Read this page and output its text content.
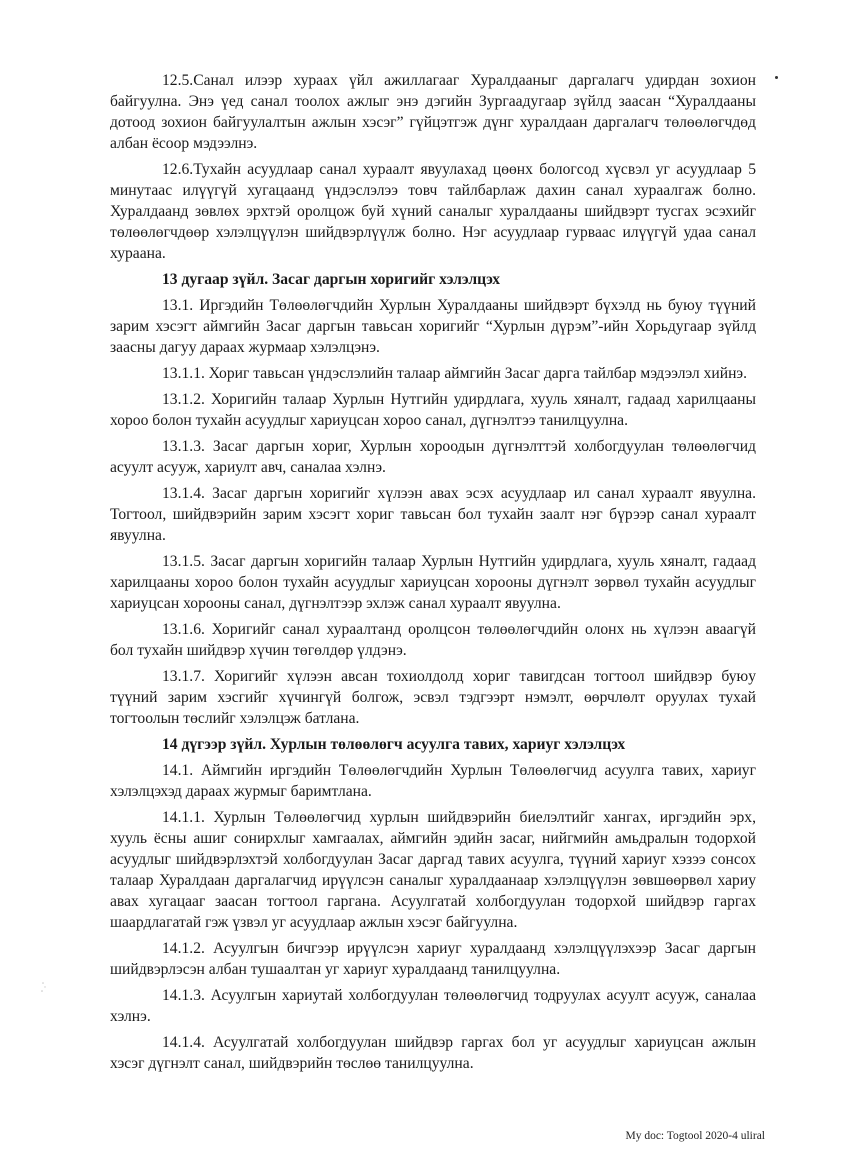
12.5.Санал илээр хураах үйл ажиллагааг Хуралдааныг даргалагч удирдан зохион байгуулна. Энэ үед санал тоолох ажлыг энэ дэгийн Зургаадугаар зүйлд заасан “Хуралдааны дотоод зохион байгуулалтын ажлын хэсэг” гүйцэтгэж дүнг хуралдаан даргалагч төлөөлөгчдөд албан ёсоор мэдээлнэ.

12.6.Тухайн асуудлаар санал хураалт явуулахад цөөнх бологсод хүсвэл уг асуудлаар 5 минутаас илүүгүй хугацаанд үндэслэлээ товч тайлбарлаж дахин санал хураалгаж болно. Хуралдаанд зөвлөх эрхтэй оролцож буй хүний саналыг хуралдааны шийдвэрт тусгах эсэхийг төлөөлөгчдөөр хэлэлцүүлэн шийдвэрлүүлж болно. Нэг асуудлаар гурваас илүүгүй удаа санал хураана.

13 дугаар зүйл. Засаг даргын хоригийг хэлэлцэх

13.1. Иргэдийн Төлөөлөгчдийн Хурлын Хуралдааны шийдвэрт бүхэлд нь буюу түүний зарим хэсэгт аймгийн Засаг даргын тавьсан хоригийг “Хурлын дүрэм”-ийн Хорьдугаар зүйлд заасны дагуу дараах журмаар хэлэлцэнэ.

13.1.1. Хориг тавьсан үндэслэлийн талаар аймгийн Засаг дарга тайлбар мэдээлэл хийнэ.

13.1.2. Хоригийн талаар Хурлын Нутгийн удирдлага, хууль хяналт, гадаад харилцааны хороо болон тухайн асуудлыг хариуцсан хороо санал, дүгнэлтээ танилцуулна.

13.1.3. Засаг даргын хориг, Хурлын хороодын дүгнэлттэй холбогдуулан төлөөлөгчид асуулт асууж, хариулт авч, саналаа хэлнэ.

13.1.4. Засаг даргын хоригийг хүлээн авах эсэх асуудлаар ил санал хураалт явуулна. Тогтоол, шийдвэрийн зарим хэсэгт хориг тавьсан бол тухайн заалт нэг бүрээр санал хураалт явуулна.

13.1.5. Засаг даргын хоригийн талаар Хурлын Нутгийн удирдлага, хууль хяналт, гадаад харилцааны хороо болон тухайн асуудлыг хариуцсан хорооны дүгнэлт зөрвөл тухайн асуудлыг хариуцсан хорооны санал, дүгнэлтээр эхлэж санал хураалт явуулна.

13.1.6. Хоригийг санал хураалтанд оролцсон төлөөлөгчдийн олонх нь хүлээн аваагүй бол тухайн шийдвэр хүчин төгөлдөр үлдэнэ.

13.1.7. Хоригийг хүлээн авсан тохиолдолд хориг тавигдсан тогтоол шийдвэр буюу түүний зарим хэсгийг хүчингүй болгож, эсвэл тэдгээрт нэмэлт, өөрчлөлт оруулах тухай тогтоолын төслийг хэлэлцэж батлана.

14 дүгээр зүйл. Хурлын төлөөлөгч асуулга тавих, хариуг хэлэлцэх

14.1. Аймгийн иргэдийн Төлөөлөгчдийн Хурлын Төлөөлөгчид асуулга тавих, хариуг хэлэлцэхэд дараах журмыг баримтлана.

14.1.1. Хурлын Төлөөлөгчид хурлын шийдвэрийн биелэлтийг хангах, иргэдийн эрх, хууль ёсны ашиг сонирхлыг хамгаалах, аймгийн эдийн засаг, нийгмийн амьдралын тодорхой асуудлыг шийдвэрлэхтэй холбогдуулан Засаг даргад тавих асуулга, түүний хариуг хэзээ сонсох талаар Хуралдаан даргалагчид ирүүлсэн саналыг хуралдаанаар хэлэлцүүлэн зөвшөөрвөл хариу авах хугацааг заасан тогтоол гаргана. Асуулгатай холбогдуулан тодорхой шийдвэр гаргах шаардлагатай гэж үзвэл уг асуудлаар ажлын хэсэг байгуулна.

14.1.2. Асуулгын бичгээр ирүүлсэн хариуг хуралдаанд хэлэлцүүлэхээр Засаг даргын шийдвэрлэсэн албан тушаалтан уг хариуг хуралдаанд танилцуулна.

14.1.3. Асуулгын хариутай холбогдуулан төлөөлөгчид тодруулах асуулт асууж, саналаа хэлнэ.

14.1.4. Асуулгатай холбогдуулан шийдвэр гаргах бол уг асуудлыг хариуцсан ажлын хэсэг дүгнэлт санал, шийдвэрийн төслөө танилцуулна.

My doc: Togtool 2020-4 uliral
